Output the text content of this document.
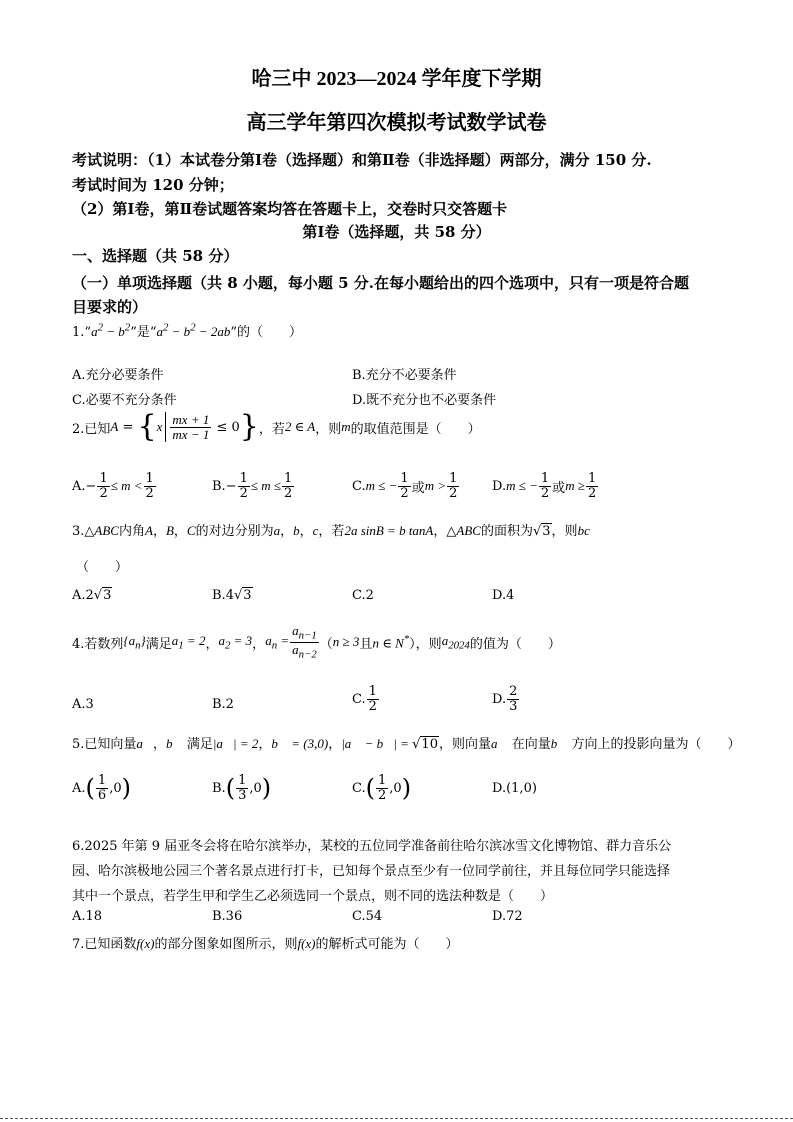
哈三中 2023—2024 学年度下学期
高三学年第四次模拟考试数学试卷
考试说明：（1）本试卷分第Ⅰ卷（选择题）和第Ⅱ卷（非选择题）两部分，满分 150 分.
考试时间为 120 分钟；
（2）第Ⅰ卷，第Ⅱ卷试题答案均答在答题卡上，交卷时只交答题卡
第Ⅰ卷（选择题，共 58 分）
一、选择题（共 58 分）
（一）单项选择题（共 8 小题，每小题 5 分.在每小题给出的四个选项中，只有一项是符合题
目要求的）
$1.“a^2 - b^2$”是“$a^2 - b^2 - 2ab$”的（　　）
A.充分必要条件	B.充分不必要条件
C.必要不充分条件	D.既不充分也不必要条件
2.已知 A = { x $\frac{mx + 1}{mx - 1} \le 0$ } ，若 2 ∈ A ，则 m 的取值范围是（　　）
A. − $\frac{1}{2} \le m < \frac{1}{2}$	B. − $\frac{1}{2} \le m \le \frac{1}{2}$	C. m ≤ − $\frac{1}{2}$ 或 $m > \frac{1}{2}$	D. m ≤ − $\frac{1}{2}$ 或 $m \ge \frac{1}{2}$
3.△ABC内角A，B，C的对边分别为a，b，c，若2a sinB = b tanA，△ABC的面积为√3，则bc
（　　）
A.2√3	B.4√3	C.2	D.4
4.若数列 $\{a_n\}$ 满足 $a_1 = 2$ ， $a_2 = 3$ ， $a_n = \frac{a_{n-1}}{a_{n-2}}$ （ n ≥ 3 且 n ∈ N* ），则 $a_{2024}$ 的值为（　　）
A.3	B.2	C. $\frac{1}{2}$	D. $\frac{2}{3}$
5.已知向量a⃗，b⃗ 满足|a⃗| = 2，b⃗ = (3,0)，|a⃗ − b⃗| = √10，则向量a⃗ 在向量b⃗ 方向上的投影向量为（　　）
A. ( $\frac{1}{6} ,0$ )	B. ( $\frac{1}{3} ,0$ )	C. ( $\frac{1}{2} ,0$ )	D.(1,0)
6.2025 年第 9 届亚冬会将在哈尔滨举办，某校的五位同学准备前往哈尔滨冰雪文化博物馆、群力音乐公
园、哈尔滨极地公园三个著名景点进行打卡，已知每个景点至少有一位同学前往，并且每位同学只能选择
其中一个景点，若学生甲和学生乙必须选同一个景点，则不同的选法种数是（　　）
A.18	B.36	C.54	D.72
7.已知函数f(x)的部分图象如图所示，则f(x)的解析式可能为（　　）
